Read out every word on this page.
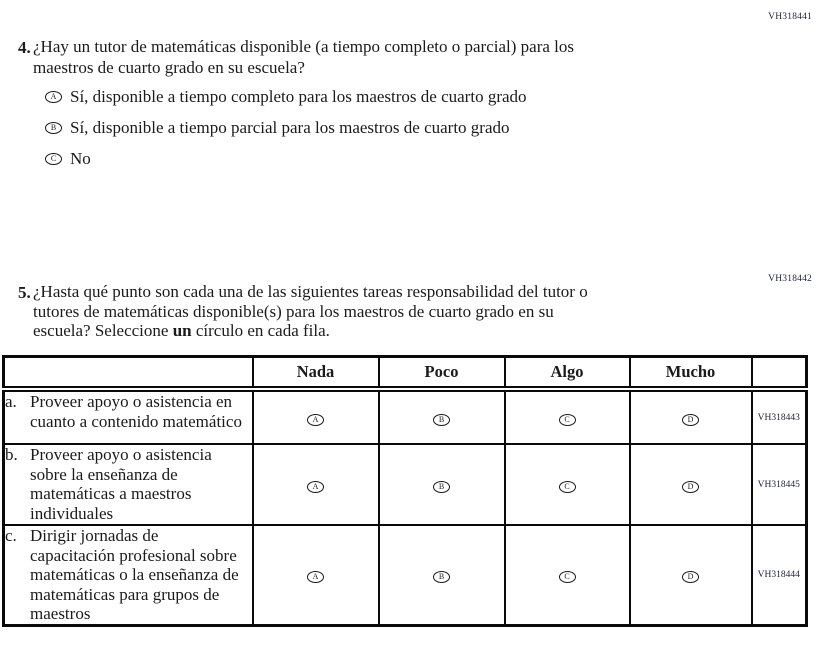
VH318441
4. ¿Hay un tutor de matemáticas disponible (a tiempo completo o parcial) para los
maestros de cuarto grado en su escuela?
A Sí, disponible a tiempo completo para los maestros de cuarto grado
B Sí, disponible a tiempo parcial para los maestros de cuarto grado
C No
VH318442
5. ¿Hasta qué punto son cada una de las siguientes tareas responsabilidad del tutor o
tutores de matemáticas disponible(s) para los maestros de cuarto grado en su
escuela? Seleccione un círculo en cada fila.
	Nada	Poco	Algo	Mucho	

a. Proveer apoyo o asistencia en cuanto a contenido matemático	A	B	C	D	VH318443

b. Proveer apoyo o asistencia sobre la enseñanza de matemáticas a maestros individuales	A	B	C	D	VH318445

c. Dirigir jornadas de capacitación profesional sobre matemáticas o la enseñanza de matemáticas para grupos de maestros	A	B	C	D	VH318444
